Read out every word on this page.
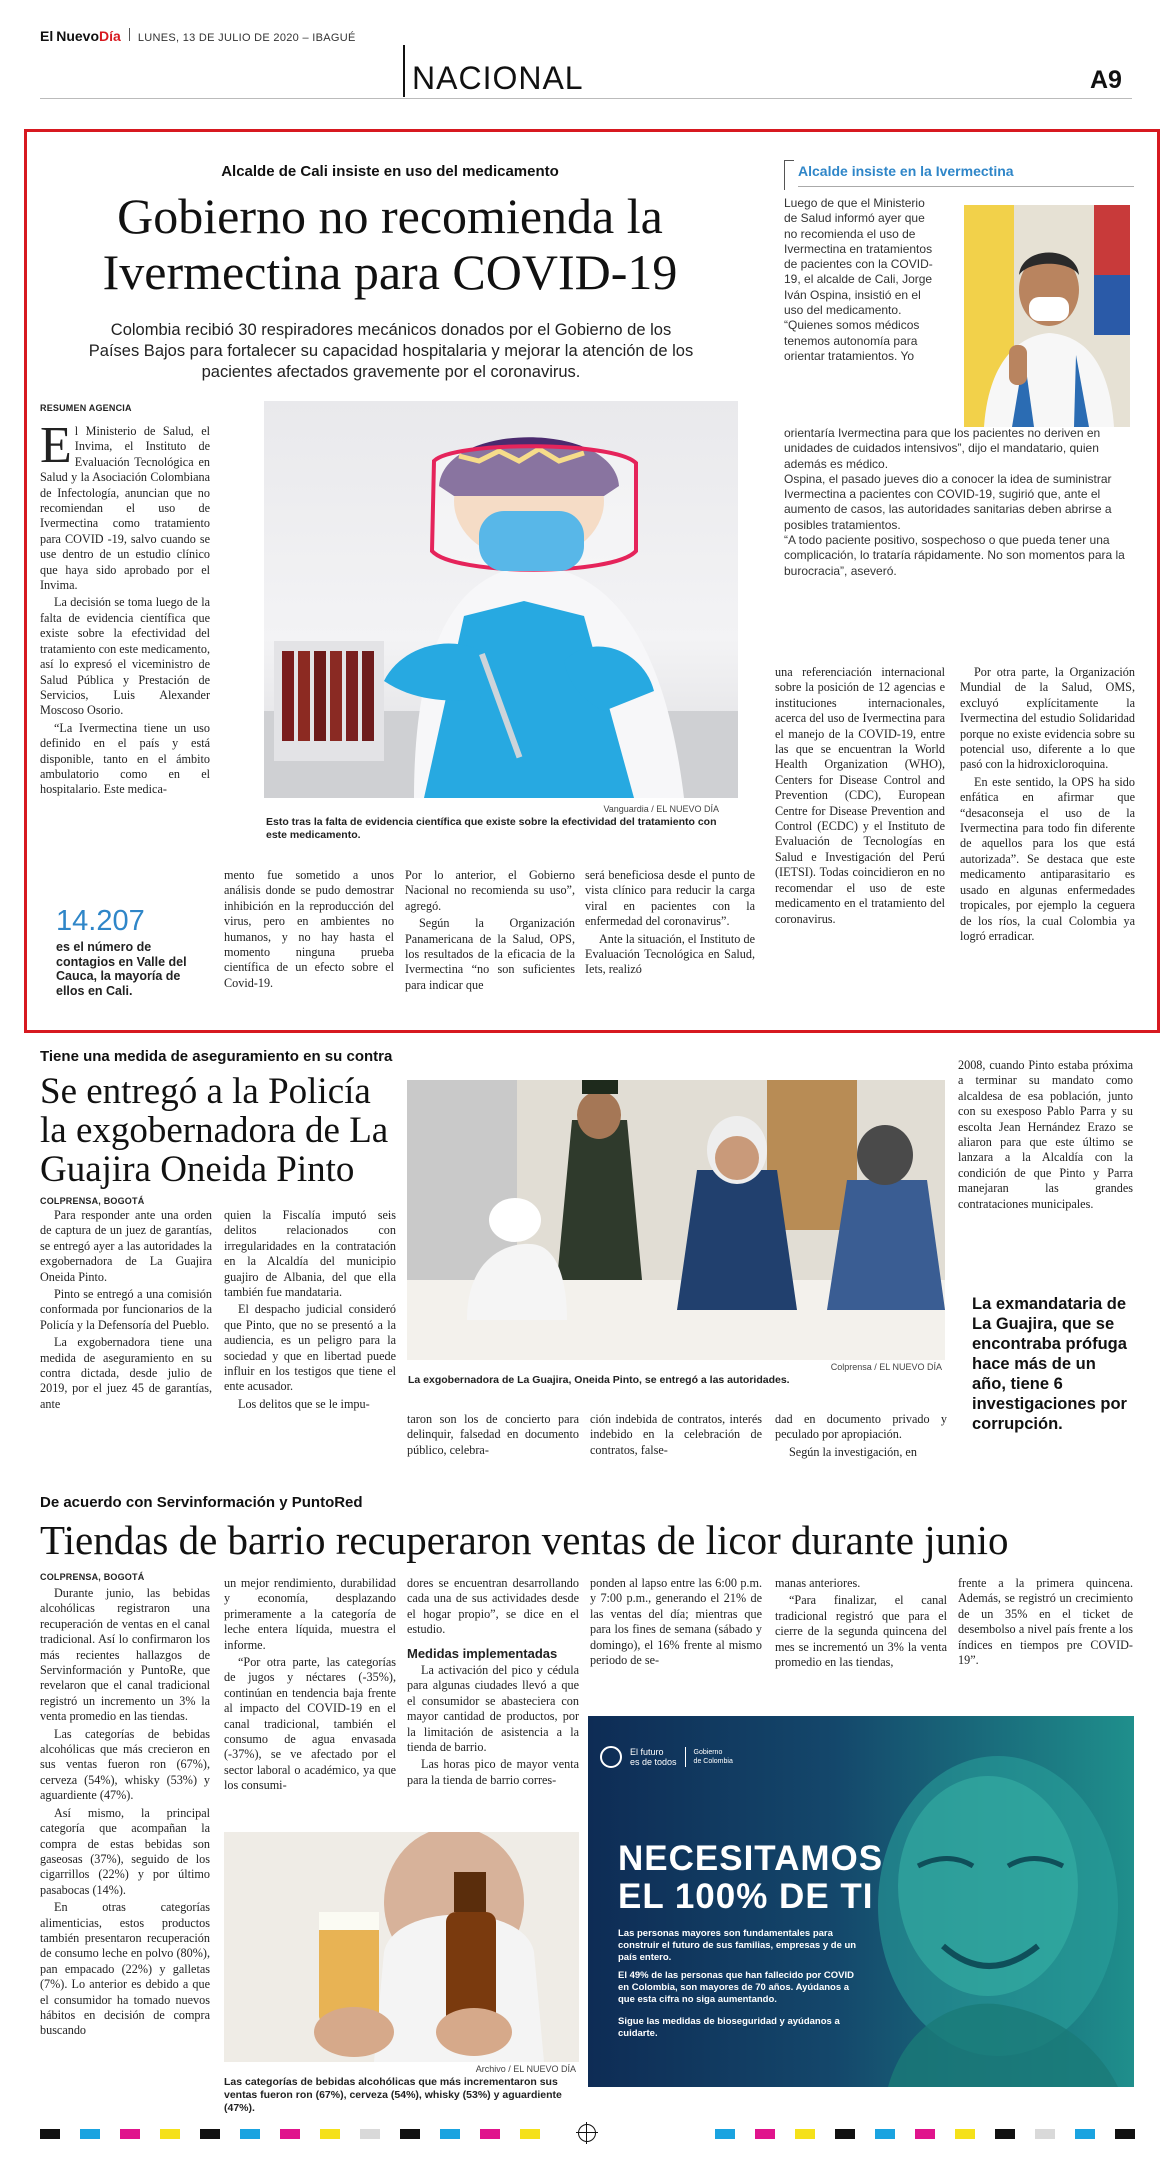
El Nuevo Día LUNES, 13 DE JULIO DE 2020 – IBAGUÉ
NACIONAL	A9
Alcalde de Cali insiste en uso del medicamento
Gobierno no recomienda la Ivermectina para COVID-19
Colombia recibió 30 respiradores mecánicos donados por el Gobierno de los Países Bajos para fortalecer su capacidad hospitalaria y mejorar la atención de los pacientes afectados gravemente por el coronavirus.
RESUMEN AGENCIA

El Ministerio de Salud, el Invima, el Instituto de Evaluación Tecnológica en Salud y la Asociación Colombiana de Infectología, anuncian que no recomiendan el uso de Ivermectina como tratamiento para COVID -19, salvo cuando se use dentro de un estudio clínico que haya sido aprobado por el Invima.

La decisión se toma luego de la falta de evidencia científica que existe sobre la efectividad del tratamiento con este medicamento, así lo expresó el viceministro de Salud Pública y Prestación de Servicios, Luis Alexander Moscoso Osorio.

“La Ivermectina tiene un uso definido en el país y está disponible, tanto en el ámbito ambulatorio como en el hospitalario. Este medica-

14.207
es el número de contagios en Valle del Cauca, la mayoría de ellos en Cali.
Vanguardia / EL NUEVO DÍA
Esto tras la falta de evidencia científica que existe sobre la efectividad del tratamiento con este medicamento.

mento fue sometido a unos análisis donde se pudo demostrar inhibición en la reproducción del virus, pero en ambientes no humanos, y no hay hasta el momento ninguna prueba científica de un efecto sobre el Covid-19.

Por lo anterior, el Gobierno Nacional no recomienda su uso”, agregó.

Según la Organización Panamericana de la Salud, OPS, los resultados de la eficacia de la Ivermectina “no son suficientes para indicar que

será beneficiosa desde el punto de vista clínico para reducir la carga viral en pacientes con la enfermedad del coronavirus”.

Ante la situación, el Instituto de Evaluación Tecnológica en Salud, Iets, realizó

una referenciación internacional sobre la posición de 12 agencias e instituciones internacionales, acerca del uso de Ivermectina para el manejo de la COVID-19, entre las que se encuentran la World Health Organization (WHO), Centers for Disease Control and Prevention (CDC), European Centre for Disease Prevention and Control (ECDC) y el Instituto de Evaluación de Tecnologías en Salud e Investigación del Perú (IETSI). Todas coincidieron en no recomendar el uso de este medicamento en el tratamiento del coronavirus.

Por otra parte, la Organización Mundial de la Salud, OMS, excluyó explícitamente la Ivermectina del estudio Solidaridad porque no existe evidencia sobre su potencial uso, diferente a lo que pasó con la hidroxicloroquina.

En este sentido, la OPS ha sido enfática en afirmar que “desaconseja el uso de la Ivermectina para todo fin diferente de aquellos para los que está autorizada”. Se destaca que este medicamento antiparasitario es usado en algunas enfermedades tropicales, por ejemplo la ceguera de los ríos, la cual Colombia ya logró erradicar.

Alcalde insiste en la Ivermectina
Luego de que el Ministerio de Salud informó ayer que no recomienda el uso de Ivermectina en tratamientos de pacientes con la COVID-19, el alcalde de Cali, Jorge Iván Ospina, insistió en el uso del medicamento.
“Quienes somos médicos tenemos autonomía para orientar tratamientos. Yo

orientaría Ivermectina para que los pacientes no deriven en unidades de cuidados intensivos”, dijo el mandatario, quien además es médico.

Ospina, el pasado jueves dio a conocer la idea de suministrar Ivermectina a pacientes con COVID-19, sugirió que, ante el aumento de casos, las autoridades sanitarias deben abrirse a posibles tratamientos.

“A todo paciente positivo, sospechoso o que pueda tener una complicación, lo trataría rápidamente. No son momentos para la burocracia”, aseveró.

Tiene una medida de aseguramiento en su contra
Se entregó a la Policía la exgobernadora de La Guajira Oneida Pinto
COLPRENSA, BOGOTÁ

Para responder ante una orden de captura de un juez de garantías, se entregó ayer a las autoridades la exgobernadora de La Guajira Oneida Pinto.

Pinto se entregó a una comisión conformada por funcionarios de la Policía y la Defensoría del Pueblo.

La exgobernadora tiene una medida de aseguramiento en su contra dictada, desde julio de 2019, por el juez 45 de garantías, ante

quien la Fiscalía imputó seis delitos relacionados con irregularidades en la contratación en la Alcaldía del municipio guajiro de Albania, del que ella también fue mandataria.

El despacho judicial consideró que Pinto, que no se presentó a la audiencia, es un peligro para la sociedad y que en libertad puede influir en los testigos que tiene el ente acusador.

Los delitos que se le impu-

Colprensa / EL NUEVO DÍA
La exgobernadora de La Guajira, Oneida Pinto, se entregó a las autoridades.

taron son los de concierto para delinquir, falsedad en documento público, celebra-

ción indebida de contratos, interés indebido en la celebración de contratos, false-

dad en documento privado y peculado por apropiación.

Según la investigación, en

2008, cuando Pinto estaba próxima a terminar su mandato como alcaldesa de esa población, junto con su exesposo Pablo Parra y su escolta Jean Hernández Erazo se aliaron para que este último se lanzara a la Alcaldía con la condición de que Pinto y Parra manejaran las grandes contrataciones municipales.

La exmandataria de La Guajira, que se encontraba prófuga hace más de un año, tiene 6 investigaciones por corrupción.
De acuerdo con Servinformación y PuntoRed
Tiendas de barrio recuperaron ventas de licor durante junio
COLPRENSA, BOGOTÁ

Durante junio, las bebidas alcohólicas registraron una recuperación de ventas en el canal tradicional. Así lo confirmaron los más recientes hallazgos de Servinformación y PuntoRe, que revelaron que el canal tradicional registró un incremento un 3% la venta promedio en las tiendas.

Las categorías de bebidas alcohólicas que más crecieron en sus ventas fueron ron (67%), cerveza (54%), whisky (53%) y aguardiente (47%).

Así mismo, la principal categoría que acompañan la compra de estas bebidas son gaseosas (37%), seguido de los cigarrillos (22%) y por último pasabocas (14%).

En otras categorías alimenticias, estos productos también presentaron recuperación de consumo leche en polvo (80%), pan empacado (22%) y galletas (7%). Lo anterior es debido a que el consumidor ha tomado nuevos hábitos en decisión de compra buscando

un mejor rendimiento, durabilidad y economía, desplazando primeramente a la categoría de leche entera líquida, muestra el informe.

“Por otra parte, las categorías de jugos y néctares (-35%), continúan en tendencia baja frente al impacto del COVID-19 en el canal tradicional, también el consumo de agua envasada (-37%), se ve afectado por el sector laboral o académico, ya que los consumi-

dores se encuentran desarrollando cada una de sus actividades desde el hogar propio”, se dice en el estudio.

Medidas implementadas

La activación del pico y cédula para algunas ciudades llevó a que el consumidor se abasteciera con mayor cantidad de productos, por la limitación de asistencia a la tienda de barrio.

Las horas pico de mayor venta para la tienda de barrio corres-

ponden al lapso entre las 6:00 p.m. y 7:00 p.m., generando el 21% de las ventas del día; mientras que para los fines de semana (sábado y domingo), el 16% frente al mismo periodo de se-

manas anteriores.

“Para finalizar, el canal tradicional registró que para el cierre de la segunda quincena del mes se incrementó un 3% la venta promedio en las tiendas,

frente a la primera quincena. Además, se registró un crecimiento de un 35% en el ticket de desembolso a nivel país frente a los índices en tiempos pre COVID-19”.

Archivo / EL NUEVO DÍA
Las categorías de bebidas alcohólicas que más incrementaron sus ventas fueron ron (67%), cerveza (54%), whisky (53%) y aguardiente (47%).
El futuro
es de todos
Gobierno
de Colombia
NECESITAMOS
EL 100% DE TI
Las personas mayores son fundamentales para construir el futuro de sus familias, empresas y de un país entero.
El 49% de las personas que han fallecido por COVID en Colombia, son mayores de 70 años. Ayúdanos a que esta cifra no siga aumentando.
Sigue las medidas de bioseguridad y ayúdanos a cuidarte.
